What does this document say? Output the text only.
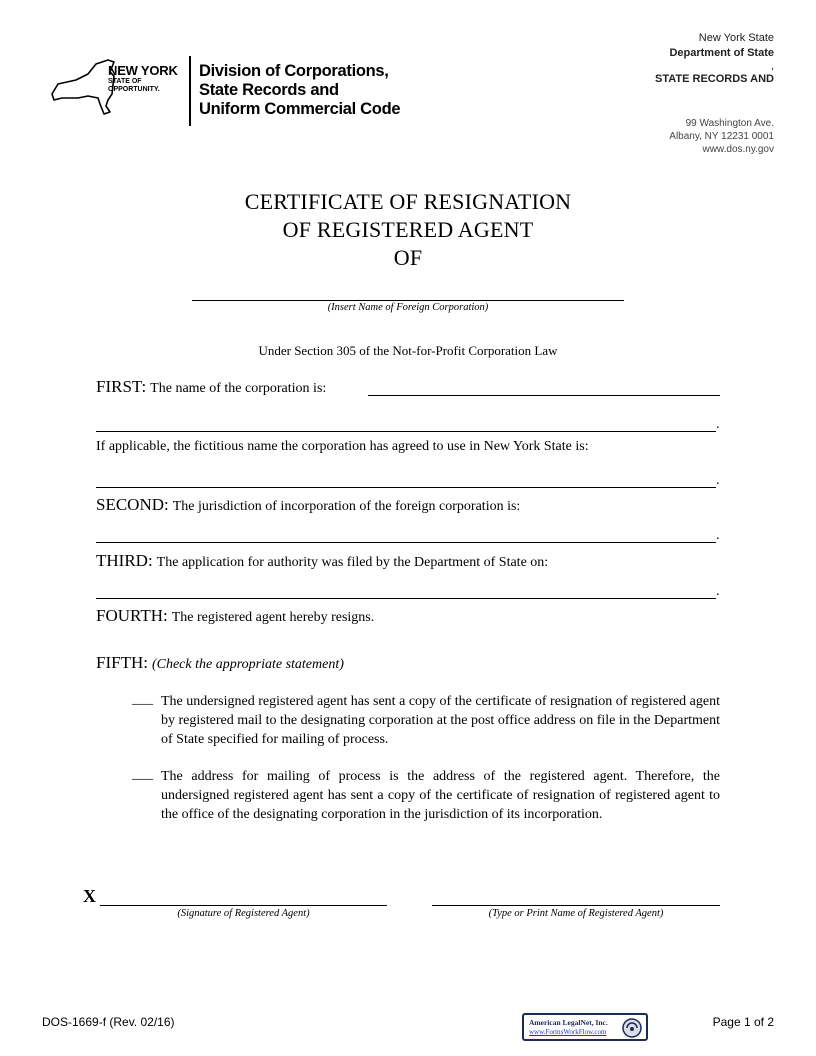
NEW YORK
STATE OF
OPPORTUNITY.
Division of Corporations,
State Records and
Uniform Commercial Code
New York State
Department of State
,
STATE RECORDS AND
99 Washington Ave.
Albany, NY 12231 0001
www.dos.ny.gov
CERTIFICATE OF RESIGNATION
OF REGISTERED AGENT
OF
(Insert Name of Foreign Corporation)
Under Section 305 of the Not-for-Profit Corporation Law
FIRST: The name of the corporation is:
.
If applicable, the fictitious name the corporation has agreed to use in New York State is:
.
SECOND: The jurisdiction of incorporation of the foreign corporation is:
.
THIRD: The application for authority was filed by the Department of State on:
.
FOURTH: The registered agent hereby resigns.
FIFTH: (Check the appropriate statement)
___ The undersigned registered agent has sent a copy of the certificate of resignation of registered agent by registered mail to the designating corporation at the post office address on file in the Department of State specified for mailing of process.
___ The address for mailing of process is the address of the registered agent. Therefore, the undersigned registered agent has sent a copy of the certificate of resignation of registered agent to the office of the designating corporation in the jurisdiction of its incorporation.
X
(Signature of Registered Agent)	(Type or Print Name of Registered Agent)
DOS-1669-f (Rev. 02/16)	American LegalNet, Inc.
www.FormsWorkFlow.com
Page 1 of 2
